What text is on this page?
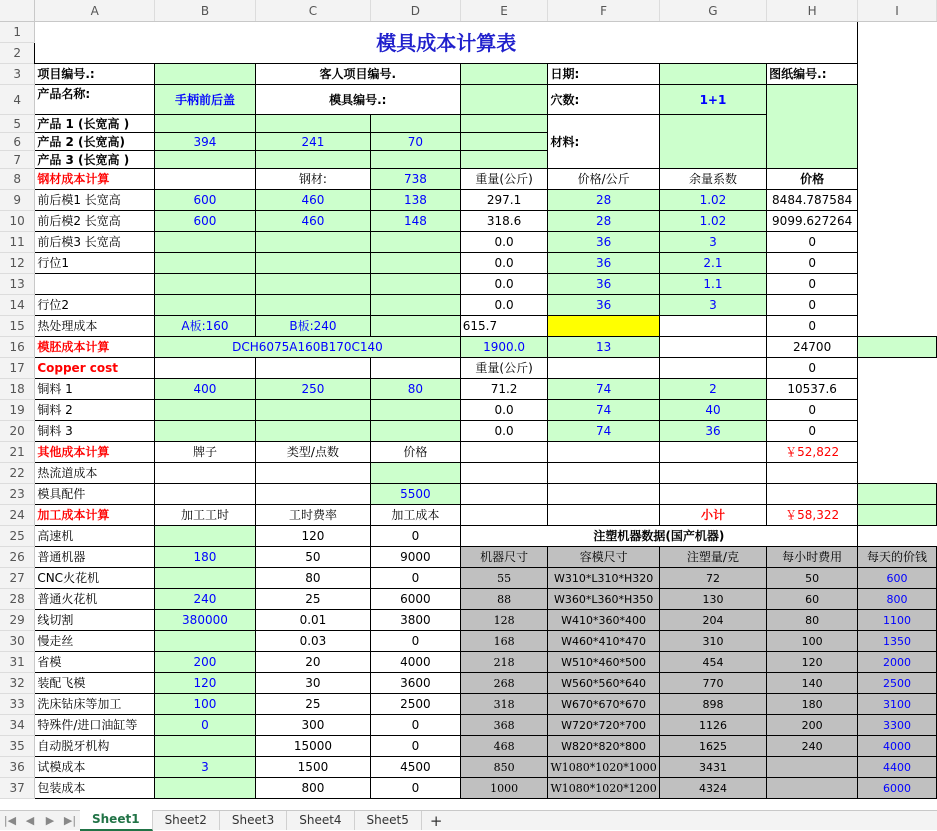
	A	B	C	D	E	F	G	H	I
1	模具成本计算表								
2									
3	项目编号.:		客人项目编号.			日期:		图纸编号.:	
4	产品名称:	手柄前后盖	模具编号.:			穴数:	1+1		
5	产品 1 (长宽高 )					材料:			
6	产品 2 (长宽高)	394	241	70					
7	产品 3 (长宽高 )								
8	钢材成本计算		钢材:	738	重量(公斤)	价格/公斤	余量系数	价格	
9	前后模1 长宽高	600	460	138	297.1	28	1.02	8484.787584	
10	前后模2 长宽高	600	460	148	318.6	28	1.02	9099.627264	
11	前后模3 长宽高				0.0	36	3	0	
12	行位1				0.0	36	2.1	0	
13					0.0	36	1.1	0	
14	行位2				0.0	36	3	0	
15	热处理成本	A板:160	B板:240		615.7			0	
16	模胚成本计算	DCH6075A160B170C140			1900.0	13		24700	
17	Copper cost				重量(公斤)			0	
18	铜料 1	400	250	80	71.2	74	2	10537.6	
19	铜料 2				0.0	74	40	0	
20	铜料 3				0.0	74	36	0	
21	其他成本计算	牌子	类型/点数	价格				￥52,822	
22	热流道成本								
23	模具配件			5500					
24	加工成本计算	加工工时	工时费率	加工成本			小计	￥58,322	
25	高速机		120	0	注塑机器数据(国产机器)				
26	普通机器	180	50	9000	机器尺寸	容模尺寸	注塑量/克	每小时费用	每天的价钱
27	CNC火花机		80	0	55	W310*L310*H320	72	50	600
28	普通火花机	240	25	6000	88	W360*L360*H350	130	60	800
29	线切割	380000	0.01	3800	128	W410*360*400	204	80	1100
30	慢走丝		0.03	0	168	W460*410*470	310	100	1350
31	省模	200	20	4000	218	W510*460*500	454	120	2000
32	装配飞模	120	30	3600	268	W560*560*640	770	140	2500
33	洗床钻床等加工	100	25	2500	318	W670*670*670	898	180	3100
34	特殊件/进口油缸等	0	300	0	368	W720*720*700	1126	200	3300
35	自动脱牙机构		15000	0	468	W820*820*800	1625	240	4000
36	试模成本	3	1500	4500	850	W1080*1020*1000	3431		4400
37	包装成本		800	0	1000	W1080*1020*1200	4324		6000
|◀ ◀	▶ ▶|	Sheet1	Sheet2	Sheet3	Sheet4	Sheet5	+
